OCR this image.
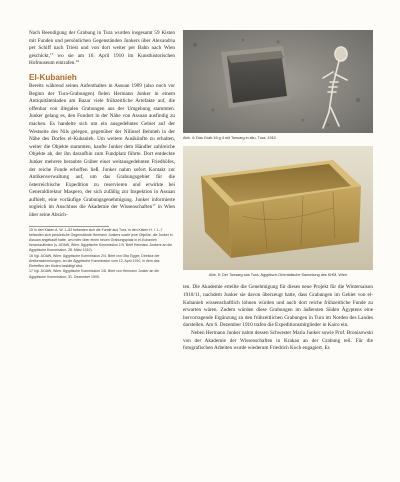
Nach Beendigung der Grabung in Tura wurden insgesamt 59 Kisten mit Funden und persönlichen Gegenständen Junkers über Alexandria per Schiff nach Triest und von dort weiter per Bahn nach Wien geschickt,$^{15}$ wo sie am 16. April 1910 im Kunsthistorischen Hofmuseum eintrafen.$^{16}$

El-Kubanieh

Bereits während seines Aufenthaltes in Assuan 1909 (also noch vor Beginn der Tura-Grabungen) fielen Hermann Junker in einem Antiquitätenladen am Bazar viele frühzeitliche Artefakte auf, die offenbar von illegalen Grabungen aus der Umgebung stammten. Junker gelang es, den Fundort in der Nähe von Assuan ausfindig zu machen. Es handelte sich um ein ausgedehntes Gebiet auf der Westseite des Nils gelegen, gegenüber der Nilinsel Behmeh in der Nähe des Dorfes el-Kubanieh. Um weitere Ausikünfte zu erhalten, weiter die Objekte stammten, kaufte Junker dem Händler zahlreiche Objekte ab, der ihn daraufhin zum Fundplatz führte. Dort entdeckte Junker mehrere beraubte Gräber einer weitausgedehnten Friedhöfes, der reiche Funde erhoffen ließ. Junker nahm sofort Kontakt zur Antikenverwaltung auf, um das Grabungsgebiet für die österreichische Expedition zu reservieren und erwirkte bei Generaldirektor Maspero, der sich zufällig zur Inspektion in Assuan aufhielt, eine vorläufige Grabungsgenehmigung. Junker informierte sogleich im Anschluss die Akademie der Wissenschaften$^{17}$ in Wien über seine Absich-

15 In den Kisten A. W. 1–52 befanden sich die Funde aus Tura, in den Kisten H. I. 1–7 befanden sich persönliche Gegenstände Hermann Junkers sowie jene Objekte, die Junker in Assuan angekauft hatte, um mehr über einen neuen Grabungsplatz in el-Kubanieh herauszufinden (s. AOAW, Wien: Ägyptische Kommission 1/9, Brief Hermann Junkers an die Ägyptische Kommission, 28. März 1910).

16 Vgl. AOAW, Wien: Ägyptische Kommission 2/4, Brief von Otto Egger, Direktor der Antikensammlungen, an die Ägyptische Kommission vom 12. April 1910, in dem das Eintreffen der Kisten bestätigt wird.

17 Vgl. AOAW, Wien: Ägyptische Kommission 1/8, Brief von Hermann Junker an die Ägyptische Kommission, 31. Dezember 1909.

Abb. 4: Das Grab 16 g 4 mit Tonsarg in situ, Tura, 1910

Abb. 5: Der Tonsarg aus Tura, Ägyptisch-Orientalische Sammlung des KHM, Wien

ten. Die Akademie erteilte die Genehmigung für dieses neue Projekt für die Wintersaison 1910/11, nachdem Junker sie davon überzeugt hatte, dass Grabungen im Gebiet von el-Kubanieh wissenschaftlich lohnen würden und auch dort reiche frühzeitliche Funde zu erwarten wären. Zudem würden diese Grabungen im äußersten Süden Ägyptens eine hervorragende Ergänzung zu den frühzeitlichen Grabungen in Tura im Norden des Landes darstellen. Am 6. Dezember 1910 trafen die Expeditionsmitglieder in Kairo ein.

Neben Hermann Junker nahm dessen Schwester Maria Junker sowie Prof. Bronisowski von der Akademie der Wissenschaften in Krakau an der Grabung teil. Für die fotografischen Arbeiten wurde wiederum Friedrich Koch engagiert. Es
